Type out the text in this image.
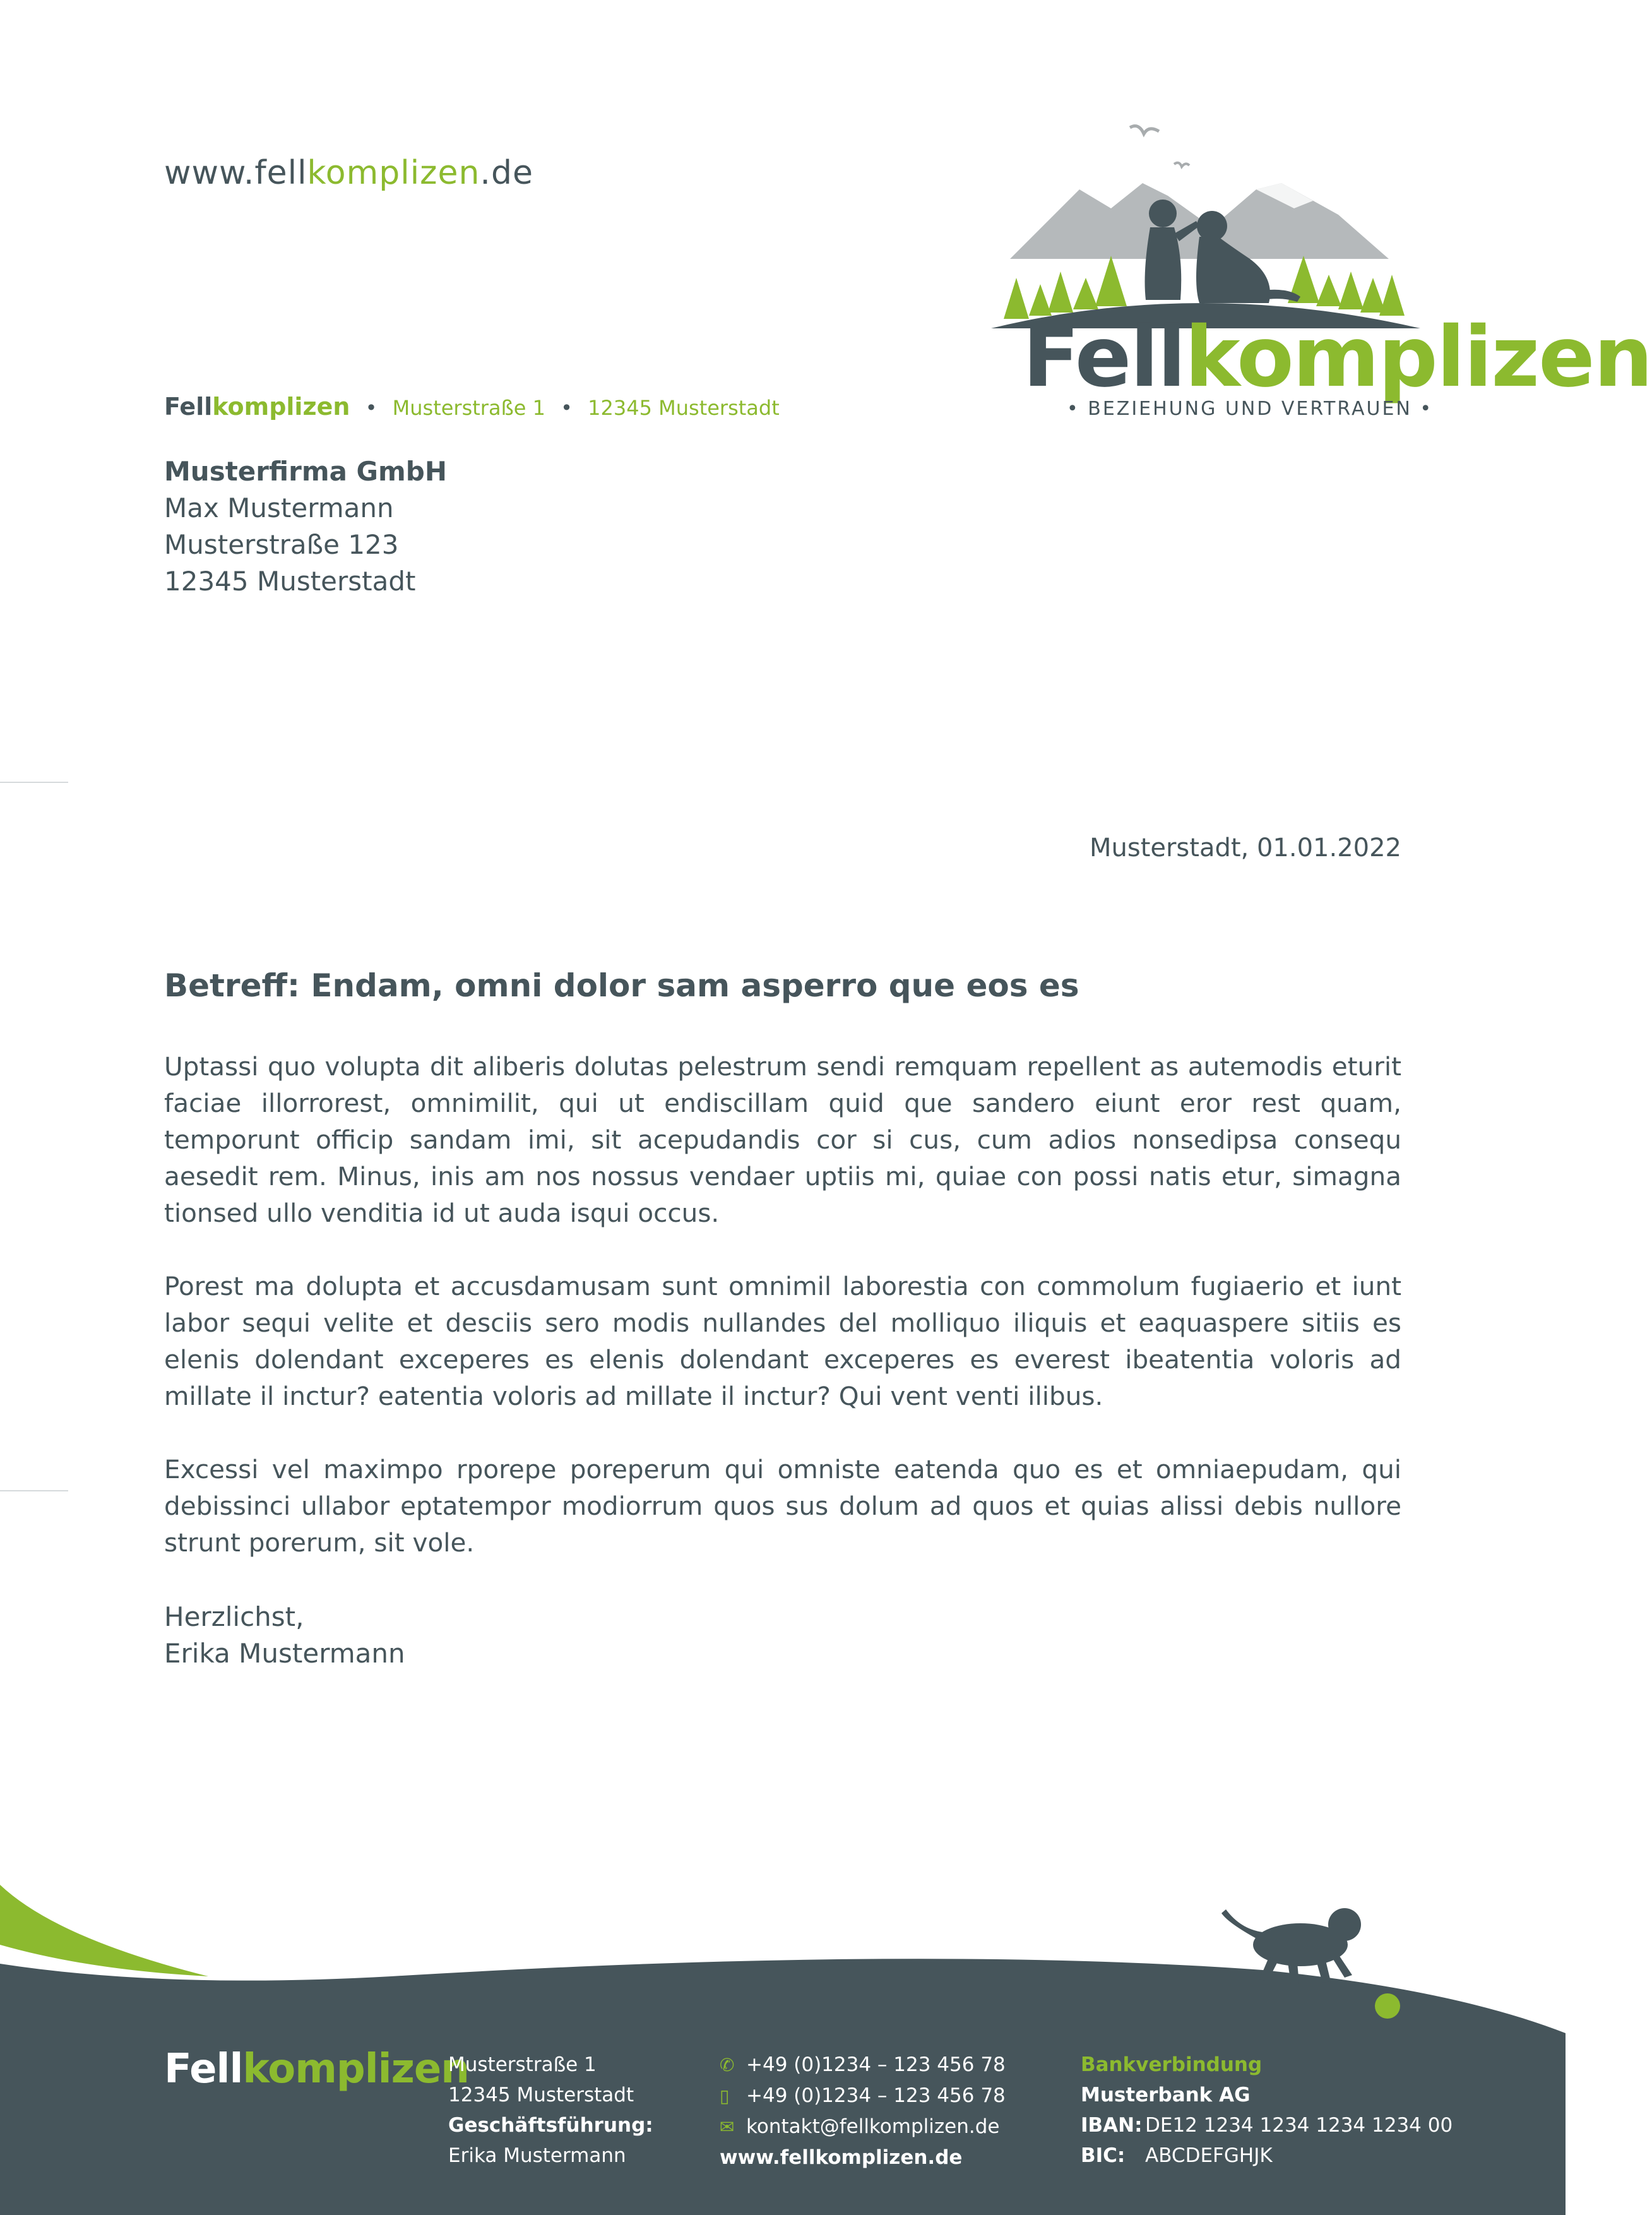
www.fellkomplizen.de
Fellkomplizen
• BEZIEHUNG UND VERTRAUEN •
Fellkomplizen • Musterstraße 1 • 12345 Musterstadt
Musterfirma GmbH
Max Mustermann
Musterstraße 123
12345 Musterstadt
Musterstadt, 01.01.2022
Betreff: Endam, omni dolor sam asperro que eos es

Uptassi quo volupta dit aliberis dolutas pelestrum sendi remquam repellent as autemodis eturit faciae illorrorest, omnimilit, qui ut endiscillam quid que sandero eiunt eror rest quam, temporunt officip sandam imi, sit acepudandis cor si cus, cum adios nonsedipsa consequ aesedit rem. Minus, inis am nos nossus vendaer uptiis mi, quiae con possi natis etur, simagna tionsed ullo venditia id ut auda isqui occus.

Porest ma dolupta et accusdamusam sunt omnimil laborestia con commolum fugiaerio et iunt labor sequi velite et desciis sero modis nullandes del molliquo iliquis et eaquaspere sitiis es elenis dolendant exceperes es elenis dolendant exceperes es everest ibeatentia voloris ad millate il inctur? eatentia voloris ad millate il inctur? Qui vent venti ilibus.

Excessi vel maximpo rporepe poreperum qui omniste eatenda quo es et omniaepudam, qui debissinci ullabor eptatempor modiorrum quos sus dolum ad quos et quias alissi debis nullore strunt porerum, sit vole.

Herzlichst,
Erika Mustermann
Fellkomplizen
Musterstraße 1
12345 Musterstadt
Geschäftsführung:
Erika Mustermann
✆ +49 (0)1234 – 123 456 78
▯ +49 (0)1234 – 123 456 78
✉ kontakt@fellkomplizen.de
www.fellkomplizen.de
Bankverbindung
Musterbank AG
IBAN: DE12 1234 1234 1234 1234 00
BIC: ABCDEFGHJK
